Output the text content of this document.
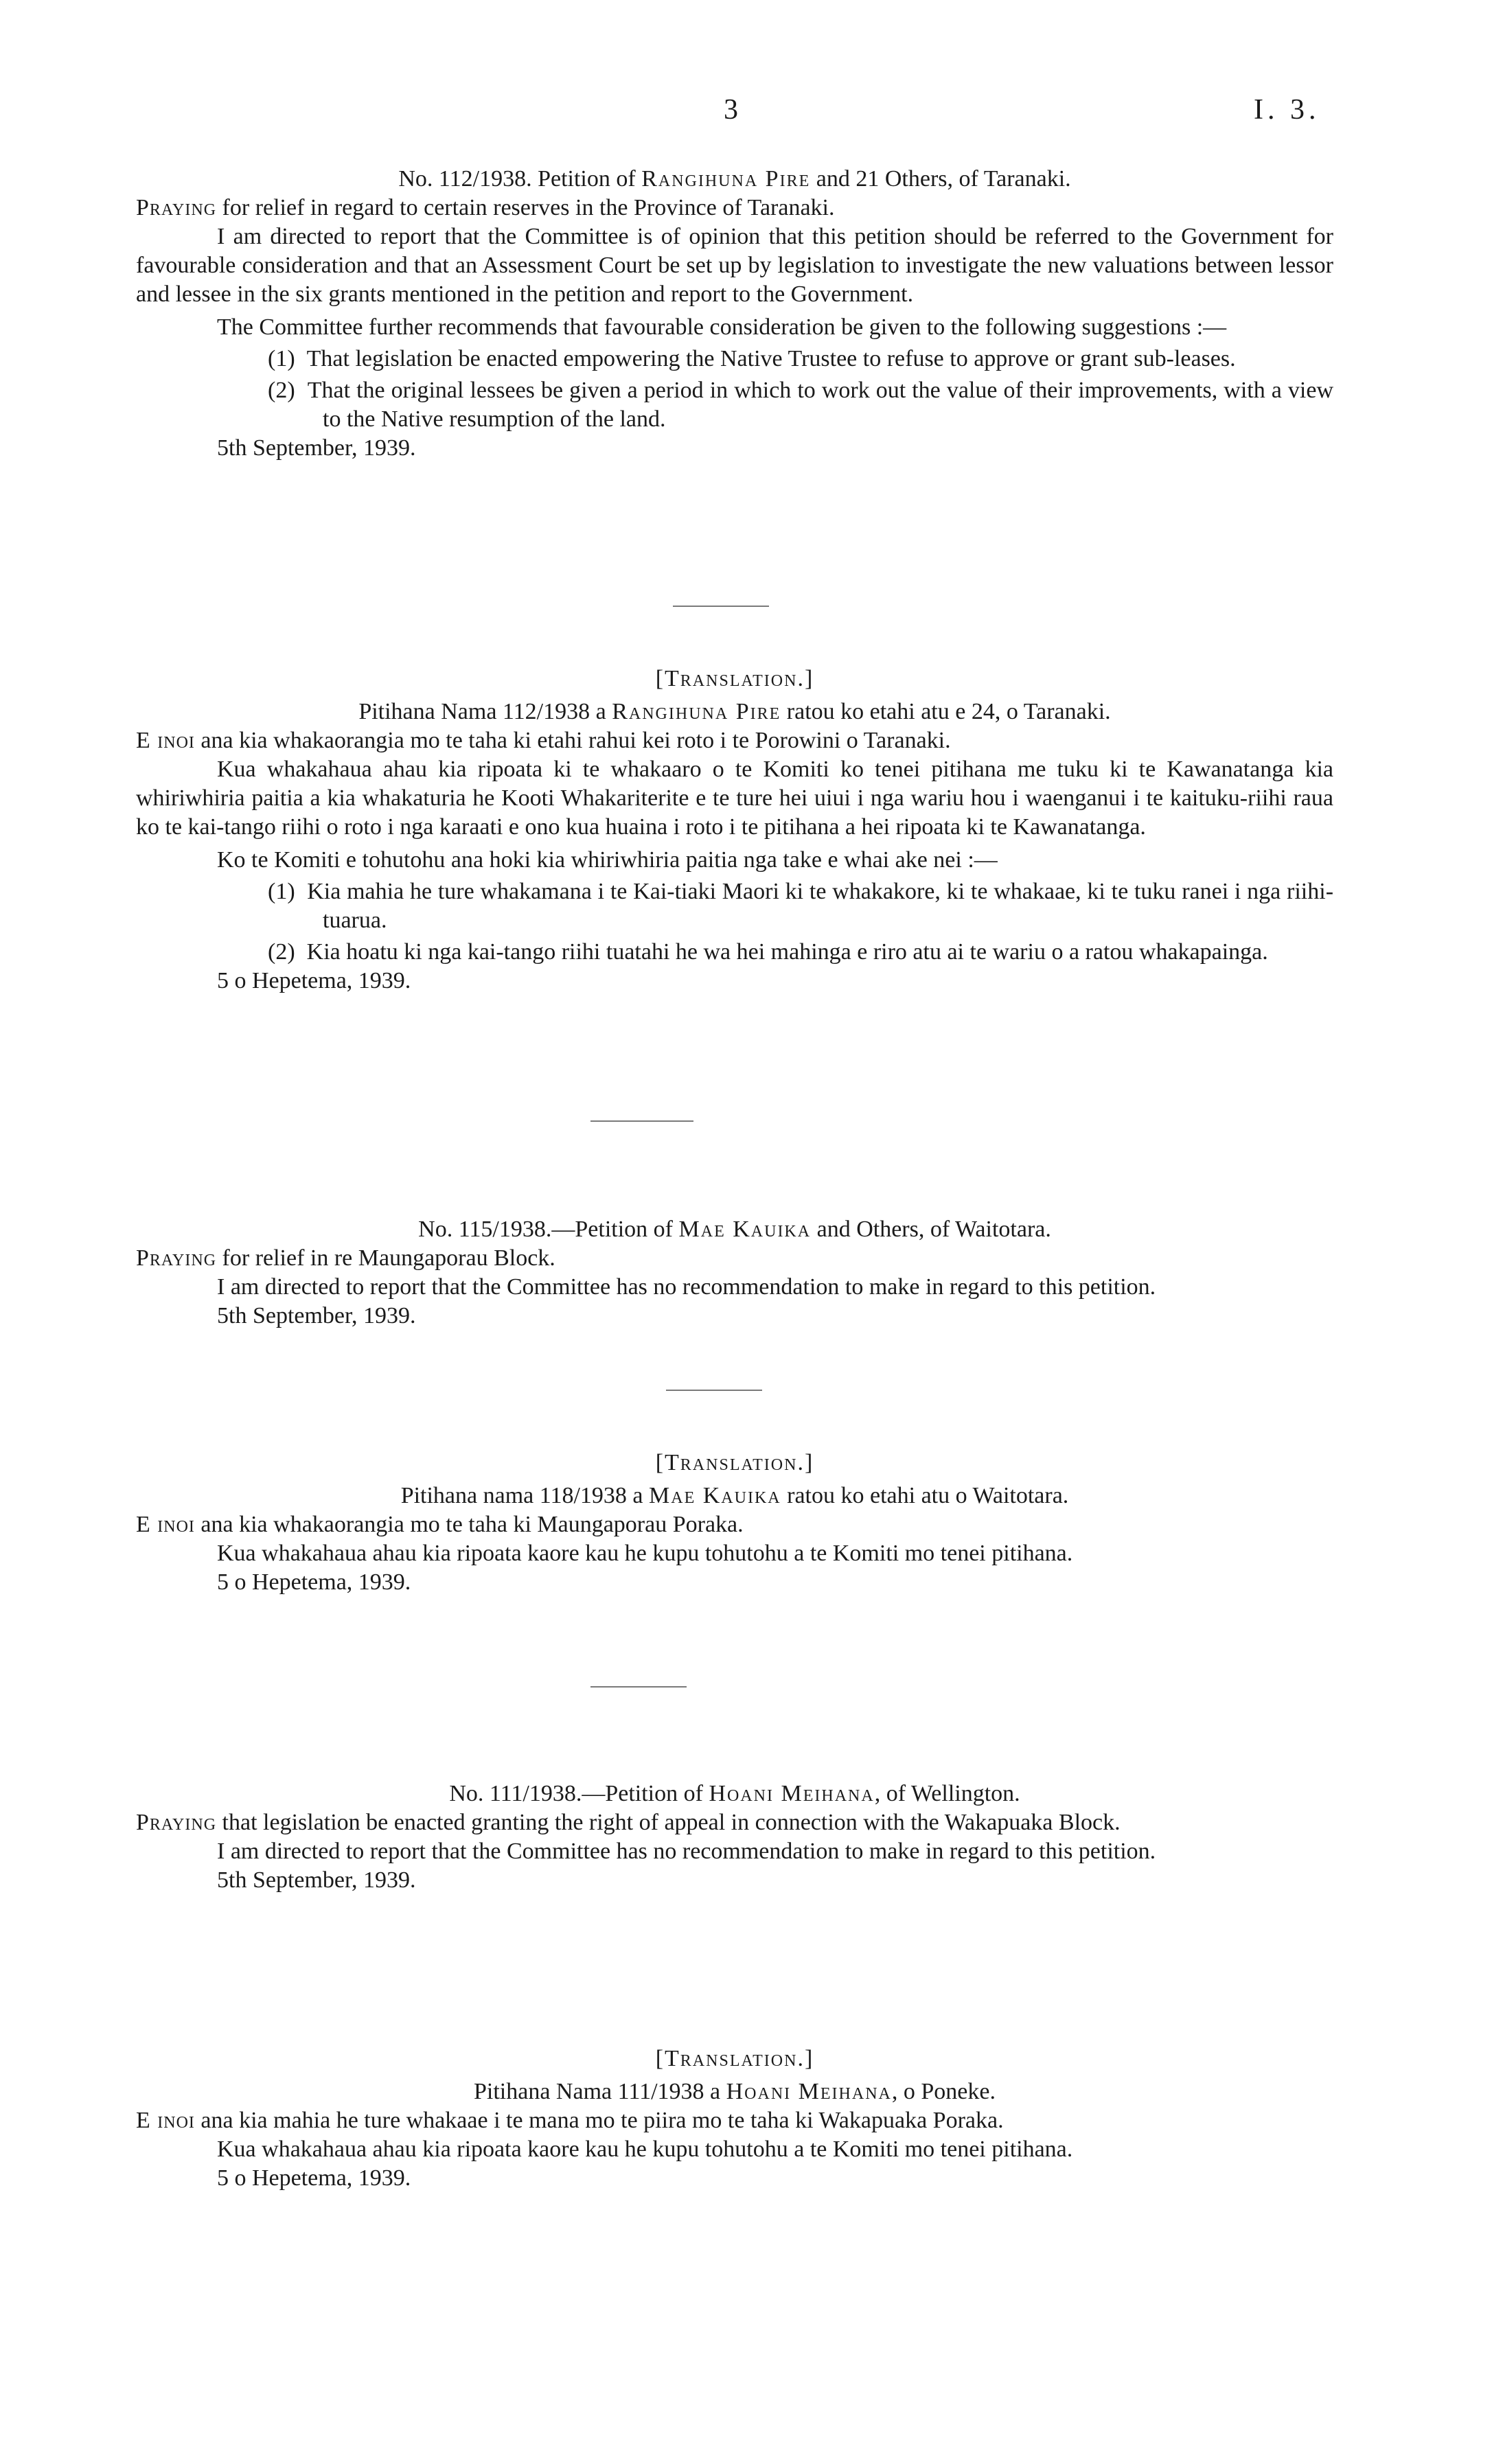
3	I. 3.

No. 112/1938. Petition of Rangihuna Pire and 21 Others, of Taranaki.

Praying for relief in regard to certain reserves in the Province of Taranaki.

I am directed to report that the Committee is of opinion that this petition should be referred to the Government for favourable consideration and that an Assessment Court be set up by legislation to investigate the new valuations between lessor and lessee in the six grants mentioned in the petition and report to the Government.

The Committee further recommends that favourable consideration be given to the following suggestions :—

(1) That legislation be enacted empowering the Native Trustee to refuse to approve or grant sub-leases.

(2) That the original lessees be given a period in which to work out the value of their improvements, with a view to the Native resumption of the land.

5th September, 1939.

[Translation.]

Pitihana Nama 112/1938 a Rangihuna Pire ratou ko etahi atu e 24, o Taranaki.

E inoi ana kia whakaorangia mo te taha ki etahi rahui kei roto i te Porowini o Taranaki.

Kua whakahaua ahau kia ripoata ki te whakaaro o te Komiti ko tenei pitihana me tuku ki te Kawanatanga kia whiriwhiria paitia a kia whakaturia he Kooti Whakariterite e te ture hei uiui i nga wariu hou i waenganui i te kaituku-riihi raua ko te kai-tango riihi o roto i nga karaati e ono kua huaina i roto i te pitihana a hei ripoata ki te Kawanatanga.

Ko te Komiti e tohutohu ana hoki kia whiriwhiria paitia nga take e whai ake nei :—

(1) Kia mahia he ture whakamana i te Kai-tiaki Maori ki te whakakore, ki te whakaae, ki te tuku ranei i nga riihi-tuarua.

(2) Kia hoatu ki nga kai-tango riihi tuatahi he wa hei mahinga e riro atu ai te wariu o a ratou whakapainga.

5 o Hepetema, 1939.

No. 115/1938.—Petition of Mae Kauika and Others, of Waitotara.

Praying for relief in re Maungaporau Block.

I am directed to report that the Committee has no recommendation to make in regard to this petition.

5th September, 1939.

[Translation.]

Pitihana nama 118/1938 a Mae Kauika ratou ko etahi atu o Waitotara.

E inoi ana kia whakaorangia mo te taha ki Maungaporau Poraka.

Kua whakahaua ahau kia ripoata kaore kau he kupu tohutohu a te Komiti mo tenei pitihana.

5 o Hepetema, 1939.

No. 111/1938.—Petition of Hoani Meihana, of Wellington.

Praying that legislation be enacted granting the right of appeal in connection with the Wakapuaka Block.

I am directed to report that the Committee has no recommendation to make in regard to this petition.

5th September, 1939.

[Translation.]

Pitihana Nama 111/1938 a Hoani Meihana, o Poneke.

E inoi ana kia mahia he ture whakaae i te mana mo te piira mo te taha ki Wakapuaka Poraka.

Kua whakahaua ahau kia ripoata kaore kau he kupu tohutohu a te Komiti mo tenei pitihana.

5 o Hepetema, 1939.
